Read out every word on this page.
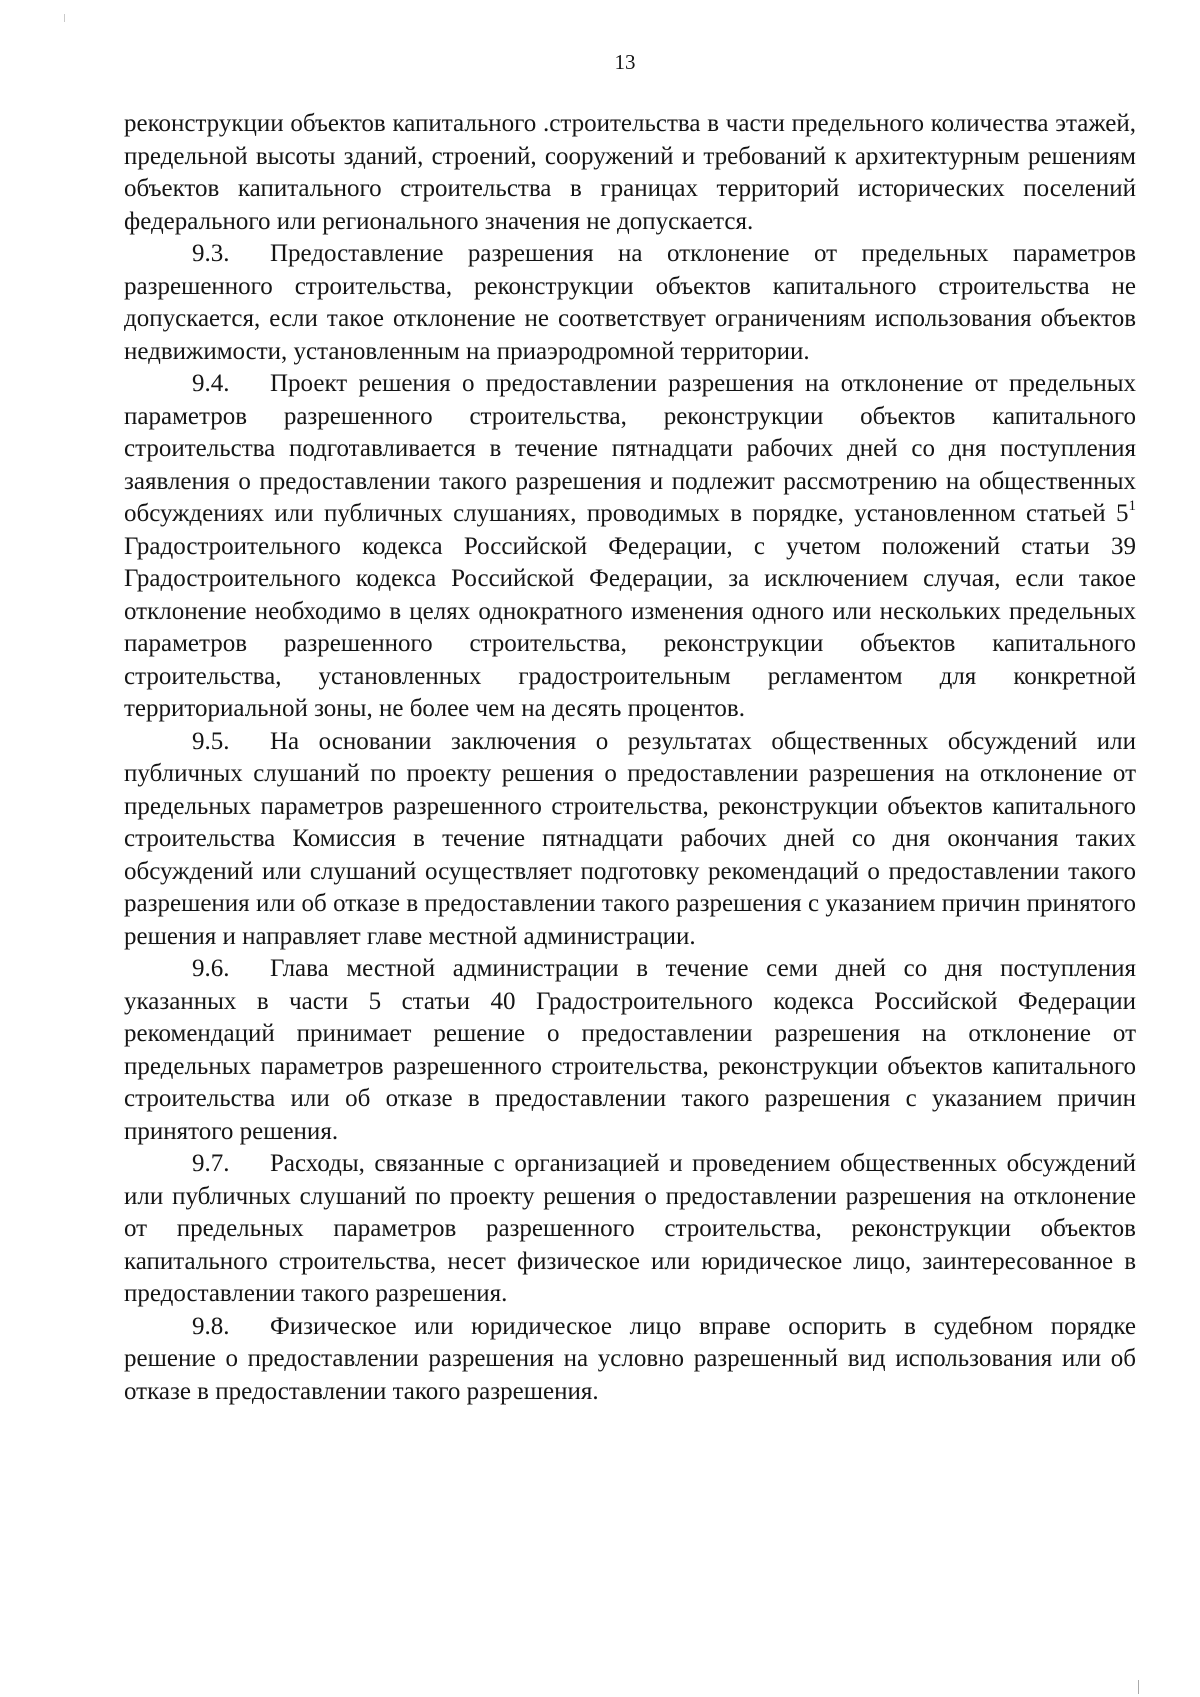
13

реконструкции объектов капитального .строительства в части предельного количества этажей, предельной высоты зданий, строений, сооружений и требований к архитектурным решениям объектов капитального строительства в границах территорий исторических поселений федерального или регионального значения не допускается.

9.3. Предоставление разрешения на отклонение от предельных параметров разрешенного строительства, реконструкции объектов капитального строительства не допускается, если такое отклонение не соответствует ограничениям использования объектов недвижимости, установленным на приаэродромной территории.

9.4. Проект решения о предоставлении разрешения на отклонение от предельных параметров разрешенного строительства, реконструкции объектов капитального строительства подготавливается в течение пятнадцати рабочих дней со дня поступления заявления о предоставлении такого разрешения и подлежит рассмотрению на общественных обсуждениях или публичных слушаниях, проводимых в порядке, установленном статьей $5^1$ Градостроительного кодекса Российской Федерации, с учетом положений статьи 39 Градостроительного кодекса Российской Федерации, за исключением случая, если такое отклонение необходимо в целях однократного изменения одного или нескольких предельных параметров разрешенного строительства, реконструкции объектов капитального строительства, установленных градостроительным регламентом для конкретной территориальной зоны, не более чем на десять процентов.

9.5. На основании заключения о результатах общественных обсуждений или публичных слушаний по проекту решения о предоставлении разрешения на отклонение от предельных параметров разрешенного строительства, реконструкции объектов капитального строительства Комиссия в течение пятнадцати рабочих дней со дня окончания таких обсуждений или слушаний осуществляет подготовку рекомендаций о предоставлении такого разрешения или об отказе в предоставлении такого разрешения с указанием причин принятого решения и направляет главе местной администрации.

9.6. Глава местной администрации в течение семи дней со дня поступления указанных в части 5 статьи 40 Градостроительного кодекса Российской Федерации рекомендаций принимает решение о предоставлении разрешения на отклонение от предельных параметров разрешенного строительства, реконструкции объектов капитального строительства или об отказе в предоставлении такого разрешения с указанием причин принятого решения.

9.7. Расходы, связанные с организацией и проведением общественных обсуждений или публичных слушаний по проекту решения о предоставлении разрешения на отклонение от предельных параметров разрешенного строительства, реконструкции объектов капитального строительства, несет физическое или юридическое лицо, заинтересованное в предоставлении такого разрешения.

9.8. Физическое или юридическое лицо вправе оспорить в судебном порядке решение о предоставлении разрешения на условно разрешенный вид использования или об отказе в предоставлении такого разрешения.
